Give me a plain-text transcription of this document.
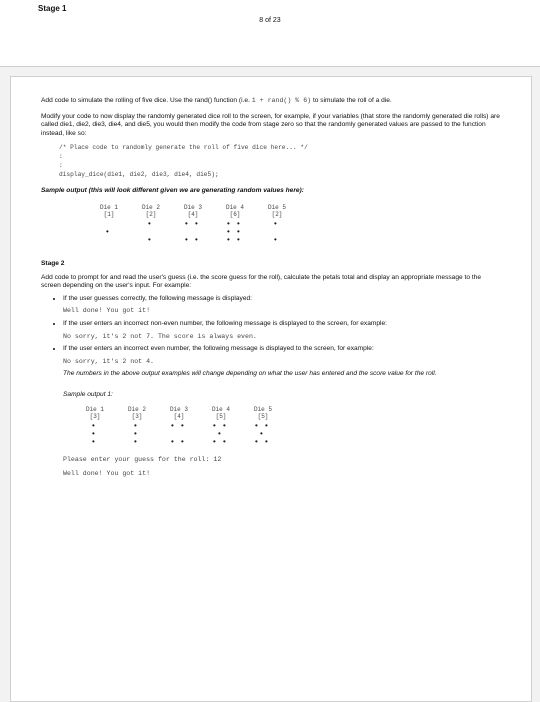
Stage 1
8 of 23

Add code to simulate the rolling of five dice. Use the rand() function (i.e. 1 + rand() % 6) to simulate the roll of a die.

Modify your code to now display the randomly generated dice roll to the screen, for example, if your variables (that store the randomly generated die rolls) are called die1, die2, die3, die4, and die5, you would then modify the code from stage zero so that the randomly generated values are passed to the function instead, like so:

/* Place code to randomly generate the roll of five dice here... */
:
:
display_dice(die1, die2, die3, die4, die5);

Sample output (this will look different given we are generating random values here):

Die 1
[1]
•
Die 2
[2]
•
•
Die 3
[4]
• •
• •
Die 4
[6]
• •
• •
• •
Die 5
[2]
•
•

Stage 2

Add code to prompt for and read the user's guess (i.e. the score guess for the roll), calculate the petals total and display an appropriate message to the screen depending on the user's input. For example:

• If the user guesses correctly, the following message is displayed:
Well done! You got it!
• If the user enters an incorrect non-even number, the following message is displayed to the screen, for example:
No sorry, it's 2 not 7. The score is always even.
• If the user enters an incorrect even number, the following message is displayed to the screen, for example:
No sorry, it's 2 not 4.

The numbers in the above output examples will change depending on what the user has entered and the score value for the roll.

Sample output 1:

Die 1
[3]
•
•
•
Die 2
[3]
•
•
•
Die 3
[4]
• •
• •
Die 4
[5]
• •
•
• •
Die 5
[5]
• •
•
• •
Please enter your guess for the roll: 12
Well done! You got it!
